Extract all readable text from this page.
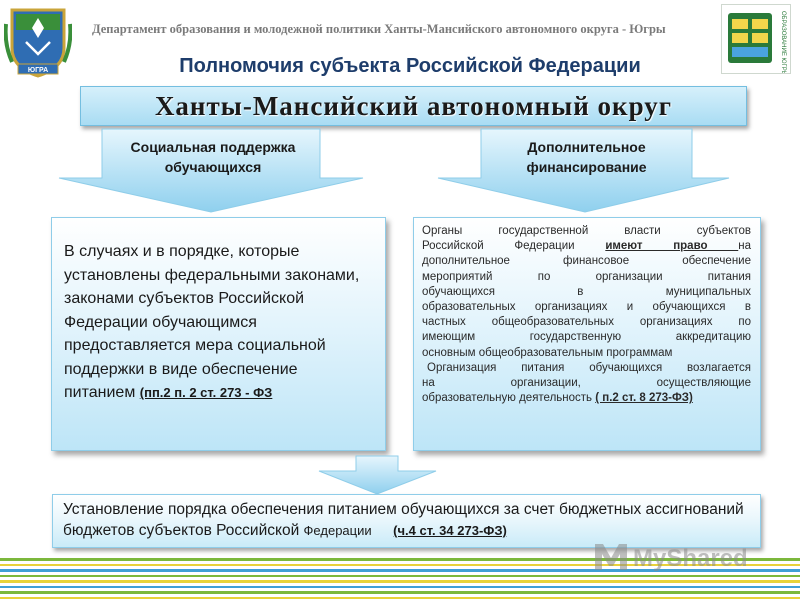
ЮГРА	ОБРАЗОВАНИЕ ЮГРЫ
Департамент образования и молодежной политики Ханты-Мансийского автономного округа - Югры
Полномочия субъекта Российской Федерации
Ханты-Мансийский автономный округ
Социальная поддержка
обучающихся
Дополнительное
финансирование
В случаях и в порядке, которые установлены федеральными законами, законами субъектов Российской Федерации обучающимся предоставляется мера социальной поддержки в виде обеспечение питанием (пп.2 п. 2 ст. 273 - ФЗ
Органы государственной власти субъектов
Российской Федерации имеют право на
дополнительное финансовое обеспечение
мероприятий по организации питания
обучающихся в муниципальных
образовательных организациях и обучающихся в
частных общеобразовательных организациях по
имеющим государственную аккредитацию
основным общеобразовательным программам
Организация питания обучающихся возлагается
на организации, осуществляющие
образовательную деятельность ( п.2 ст. 8 273-ФЗ)
Установление порядка обеспечения питанием обучающихся за счет бюджетных ассигнований бюджетов субъектов Российской Федерации (ч.4 ст. 34 273-ФЗ)
MyShared
